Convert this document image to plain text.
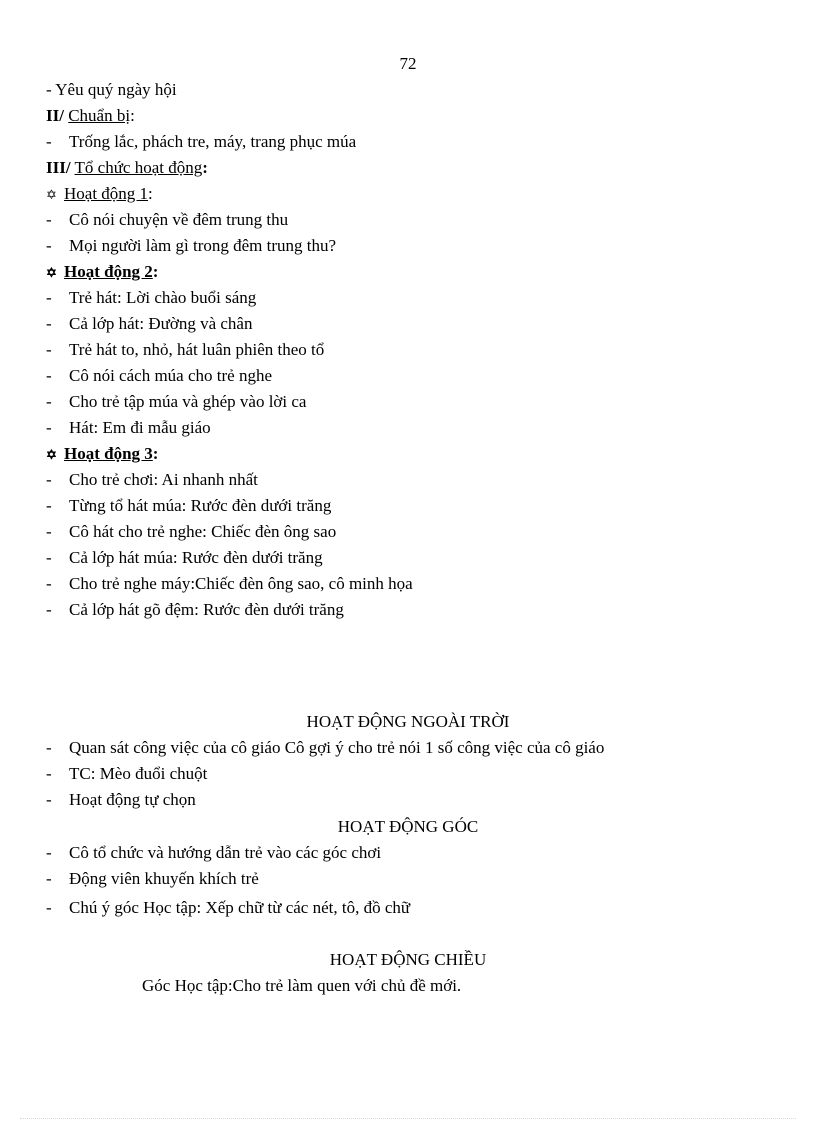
72
- Yêu quý ngày hội
II/ Chuẩn bị:
- Trống lắc, phách tre, máy, trang phục múa
III/ Tổ chức hoạt động:
✡ Hoạt động 1:
- Cô nói chuyện về đêm trung thu
- Mọi người làm gì trong đêm trung thu?
✡ Hoạt động 2:
- Trẻ hát: Lời chào buổi sáng
- Cả lớp hát: Đường và chân
- Trẻ hát to, nhỏ, hát luân phiên theo tổ
- Cô nói cách múa cho trẻ nghe
- Cho trẻ tập múa và ghép vào lời ca
- Hát: Em đi mẫu giáo
✡ Hoạt động 3:
- Cho trẻ chơi: Ai nhanh nhất
- Từng tổ hát múa: Rước đèn dưới trăng
- Cô hát cho trẻ nghe: Chiếc đèn ông sao
- Cả lớp hát múa: Rước đèn dưới trăng
- Cho trẻ nghe máy:Chiếc đèn ông sao, cô minh họa
- Cả lớp hát gõ đệm: Rước đèn dưới trăng
HOẠT ĐỘNG NGOÀI TRỜI
- Quan sát công việc của cô giáo Cô gợi ý cho trẻ nói 1 số công việc của cô giáo
- TC: Mèo đuổi chuột
- Hoạt động tự chọn
HOẠT ĐỘNG GÓC
- Cô tổ chức và hướng dẫn trẻ vào các góc chơi
- Động viên khuyến khích trẻ
- Chú ý góc Học tập: Xếp chữ từ các nét, tô, đồ chữ
HOẠT ĐỘNG CHIỀU
Góc Học tập:Cho trẻ làm quen với chủ đề mới.
